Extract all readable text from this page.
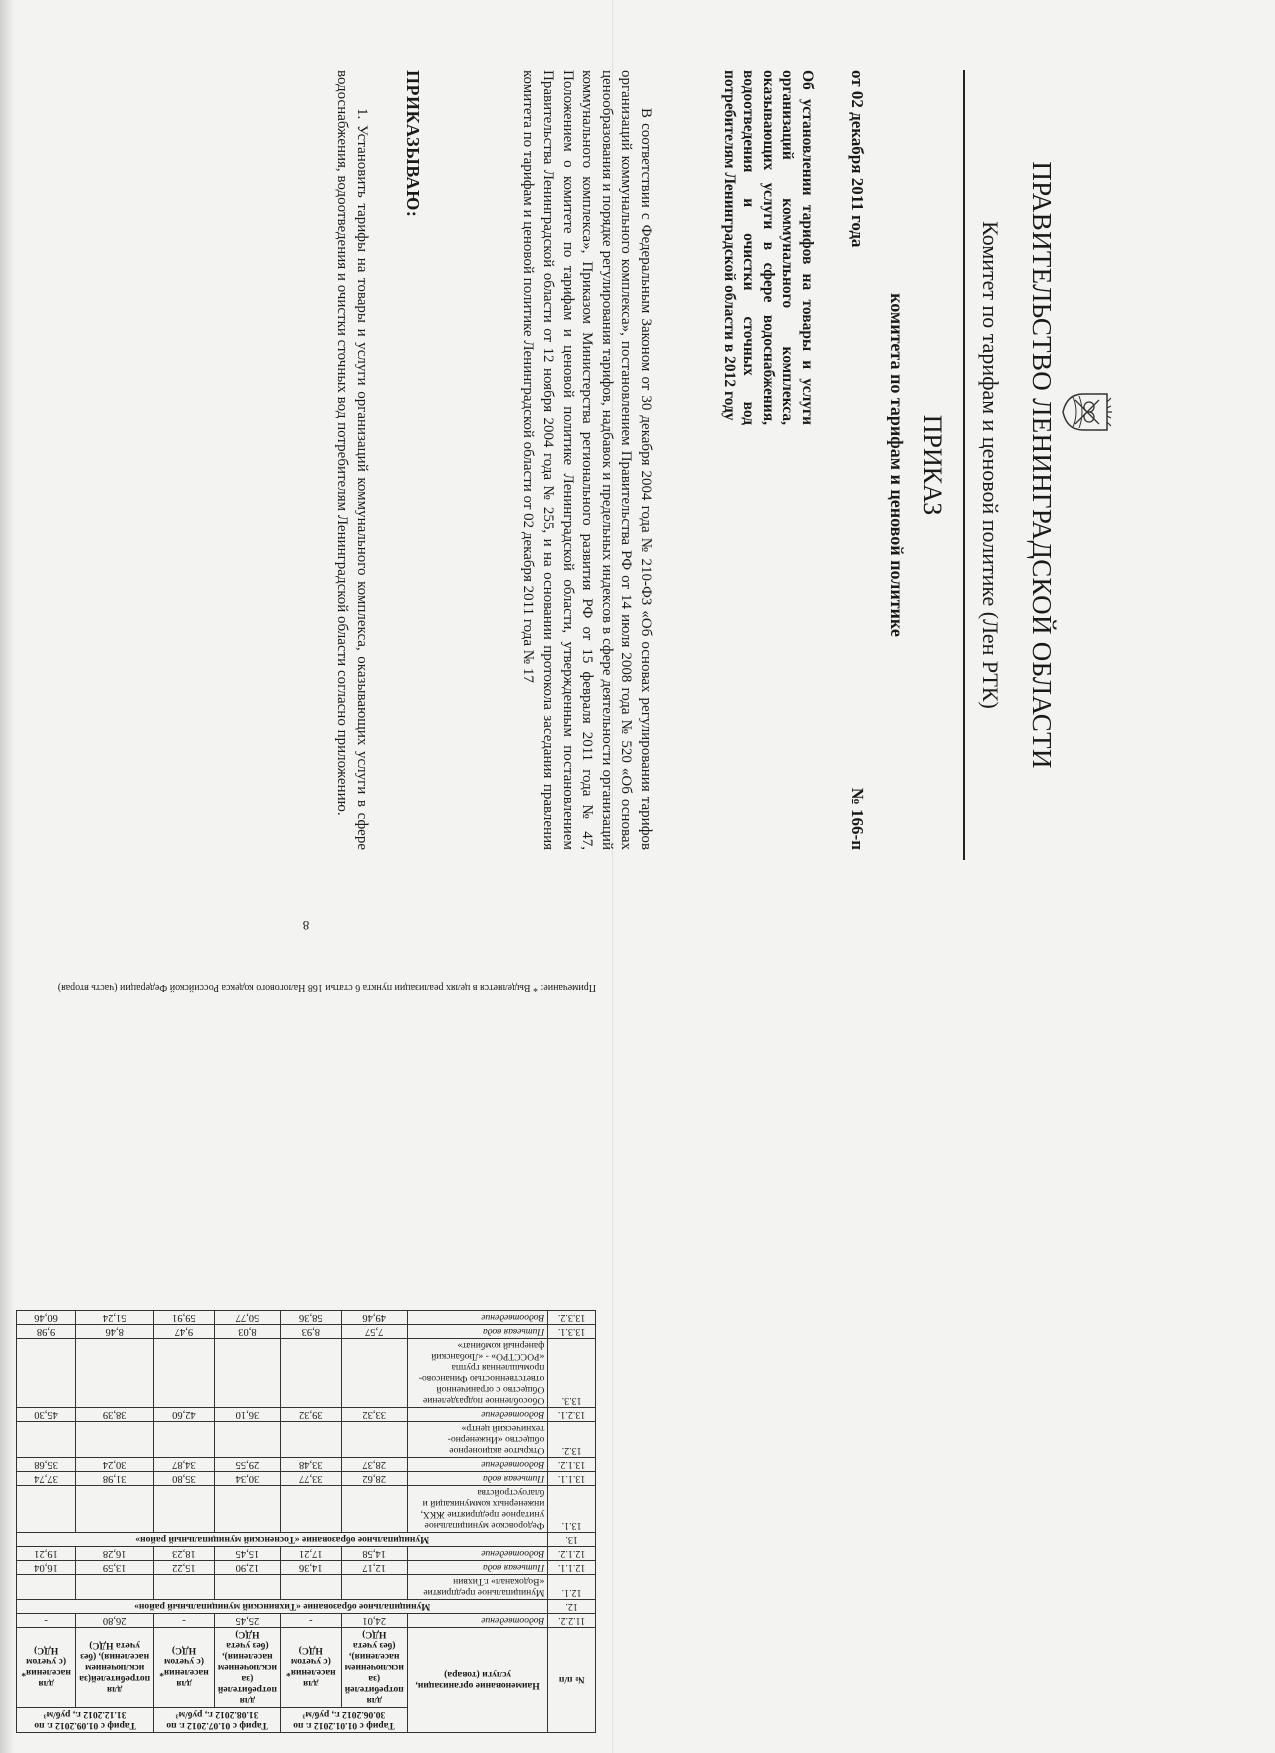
ПРАВИТЕЛЬСТВО ЛЕНИНГРАДСКОЙ ОБЛАСТИ
Комитет по тарифам и ценовой политике (Лен РТК)
ПРИКАЗ
комитета по тарифам и ценовой политике
от 02 декабря 2011 года
№ 166-п
Об установлении тарифов на товары и услуги организаций коммунального комплекса, оказывающих услуги в сфере водоснабжения, водоотведения и очистки сточных вод потребителям Ленинградской области в 2012 году
В соответствии с Федеральным Законом от 30 декабря 2004 года № 210-ФЗ «Об основах регулирования тарифов организаций коммунального комплекса», постановлением Правительства РФ от 14 июля 2008 года № 520 «Об основах ценообразования и порядке регулирования тарифов, надбавок и предельных индексов в сфере деятельности организаций коммунального комплекса», Приказом Министерства регионального развития РФ от 15 февраля 2011 года № 47, Положением о комитете по тарифам и ценовой политике Ленинградской области, утвержденным постановлением Правительства Ленинградской области от 12 ноября 2004 года № 255, и на основании протокола заседания правления комитета по тарифам и ценовой политике Ленинградской области от 02 декабря 2011 года № 17
ПРИКАЗЫВАЮ:
1. Установить тарифы на товары и услуги организаций коммунального комплекса, оказывающих услуги в сфере водоснабжения, водоотведения и очистки сточных вод потребителям Ленинградской области согласно приложению.
№ п/п	Наименование организации, услуги (товара)	Тариф с 01.01.2012 г. по 30.06.2012 г., руб/м³		Тариф с 01.07.2012 г. по 31.08.2012 г., руб/м³		Тариф с 01.09.2012 г. по 31.12.2012 г., руб/м³	
		для потребителей (за исключением населения), (без учета НДС)	для населения* (с учетом НДС)	для потребителей (за исключением населения), (без учета НДС)	для населения* (с учетом НДС)	для потребителей(за исключением населения), (без учета НДС)	для населения* (с учетом НДС)
11.2.2.	Водоотведение	24,01	-	25,45	-	26,80	-
12.	Муниципальное образование «Тихвинский муниципальный район»						
12.1.	Муниципальное предприятие «Водоканал» г.Тихвин						
12.1.1.	Питьевая вода	12,17	14,36	12,90	15,22	13,59	16,04
12.1.2.	Водоотведение	14,58	17,21	15,45	18,23	16,28	19,21
13.	Муниципальное образование «Тосненский муниципальный район»						
13.1.	Федоровское муниципальное унитарное предприятие ЖКХ, инженерных коммуникаций и благоустройства						
13.1.1.	Питьевая вода	28,62	33,77	30,34	35,80	31,98	37,74
13.1.2.	Водоотведение	28,37	33,48	29,55	34,87	30,24	35,68
13.2.	Открытое акционерное общество «Инженерно-технический центр»						
13.2.1.	Водоотведение	33,32	39,32	36,10	42,60	38,39	45,30
13.3.	Обособленное подразделение Общество с ограниченной ответственностью Финансово-промышленная группа «РОССТРО» - «Любанский фанерный комбинат»						
13.3.1.	Питьевая вода	7,57	8,93	8,03	9,47	8,46	9,98
13.3.2.	Водоотведение	49,46	58,36	50,77	59,91	51,24	60,46
Примечание: * Выделяется в целях реализации пункта 6 статьи 168 Налогового кодекса Российской Федерации (часть вторая)
8
